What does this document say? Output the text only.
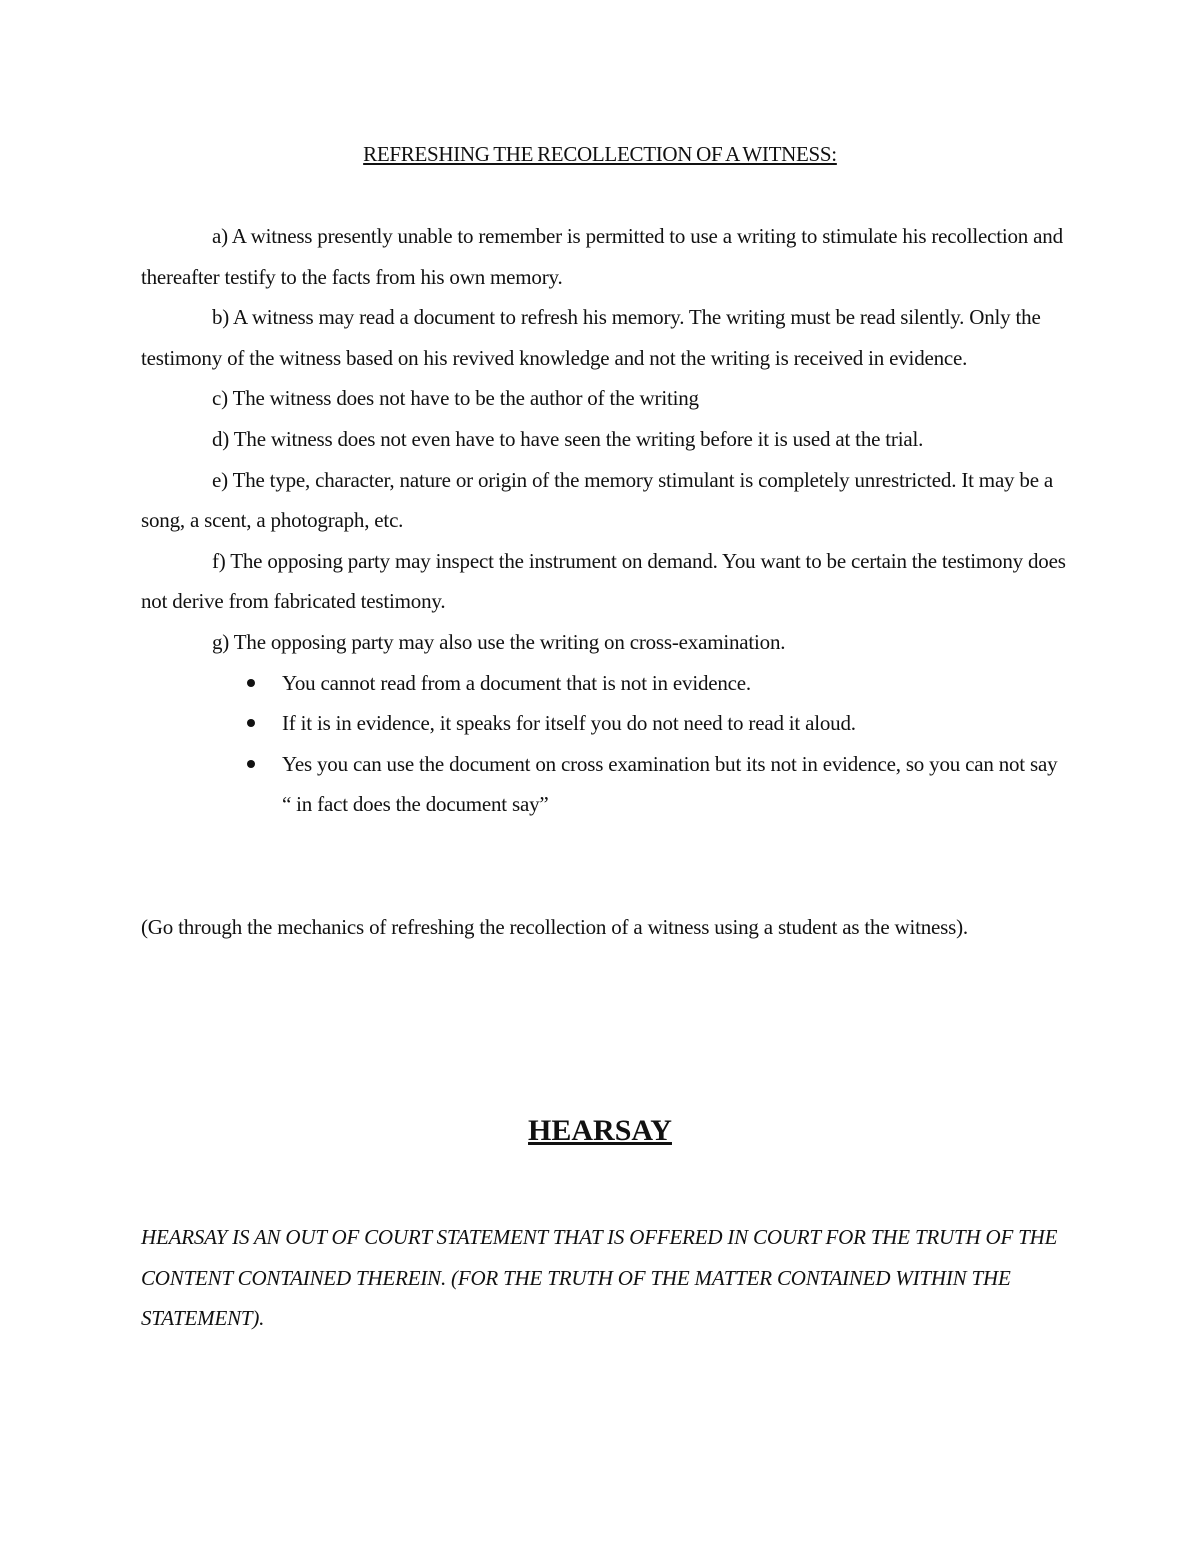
REFRESHING THE RECOLLECTION OF A WITNESS:

a) A witness presently unable to remember is permitted to use a writing to stimulate his recollection and thereafter testify to the facts from his own memory.

b) A witness may read a document to refresh his memory. The writing must be read silently. Only the testimony of the witness based on his revived knowledge and not the writing is received in evidence.

c) The witness does not have to be the author of the writing

d) The witness does not even have to have seen the writing before it is used at the trial.

e) The type, character, nature or origin of the memory stimulant is completely unrestricted. It may be a song, a scent, a photograph, etc.

f) The opposing party may inspect the instrument on demand. You want to be certain the testimony does not derive from fabricated testimony.

g) The opposing party may also use the writing on cross-examination.

You cannot read from a document that is not in evidence.
If it is in evidence, it speaks for itself you do not need to read it aloud.
Yes you can use the document on cross examination but its not in evidence, so you can not say “ in fact does the document say”

(Go through the mechanics of refreshing the recollection of a witness using a student as the witness).

HEARSAY

HEARSAY IS AN OUT OF COURT STATEMENT THAT IS OFFERED IN COURT FOR THE TRUTH OF THE CONTENT CONTAINED THEREIN. (FOR THE TRUTH OF THE MATTER CONTAINED WITHIN THE STATEMENT).
